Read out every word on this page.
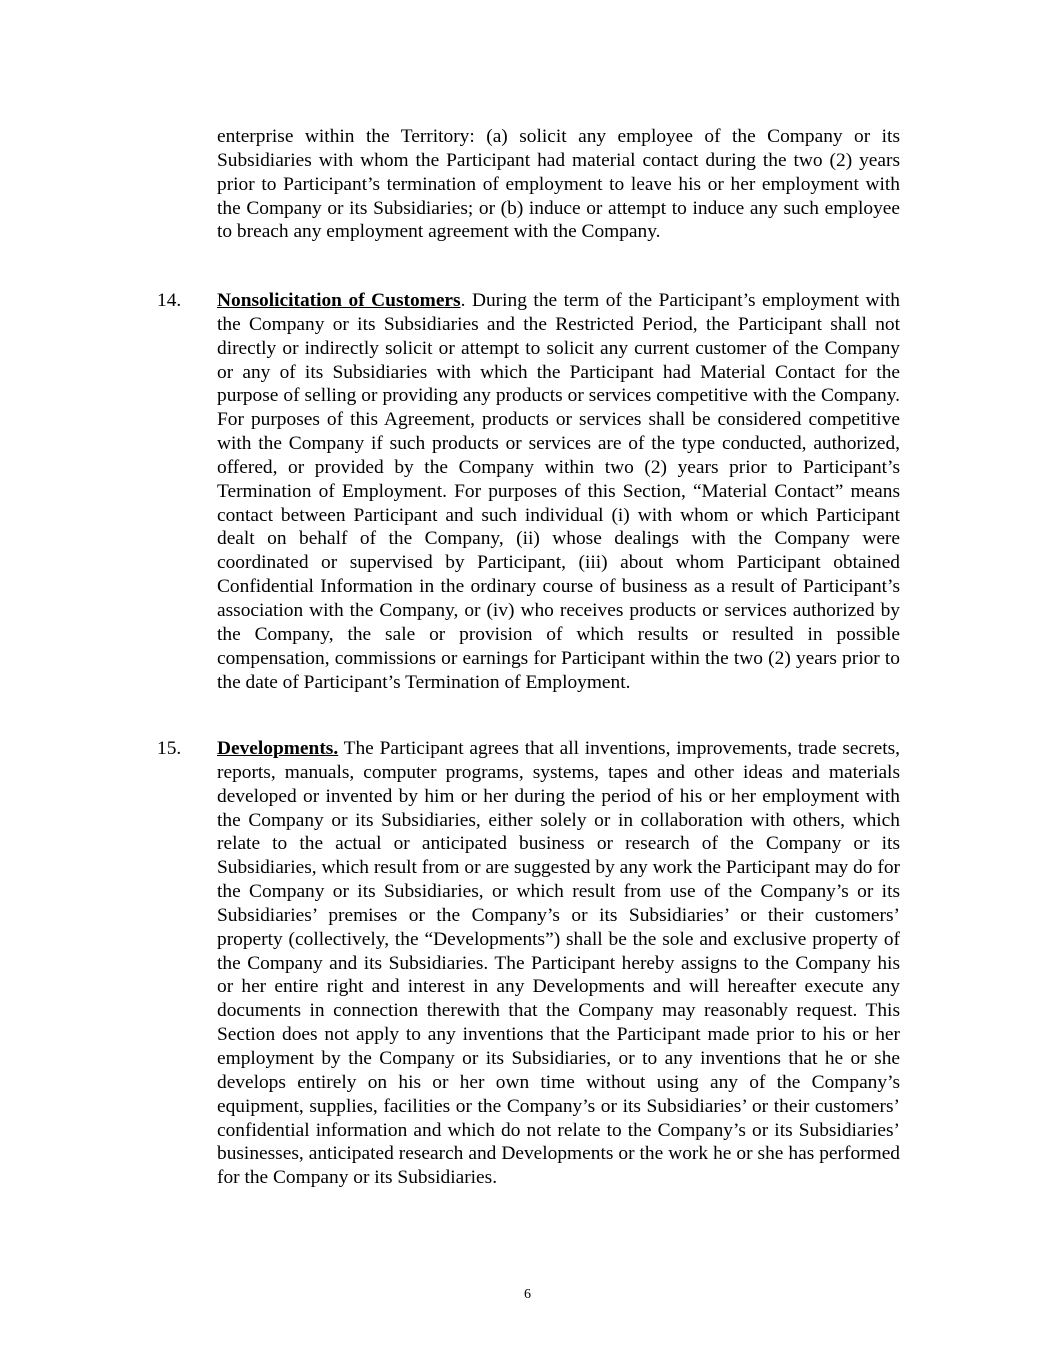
enterprise within the Territory: (a) solicit any employee of the Company or its Subsidiaries with whom the Participant had material contact during the two (2) years prior to Participant’s termination of employment to leave his or her employment with the Company or its Subsidiaries; or (b) induce or attempt to induce any such employee to breach any employment agreement with the Company.

14. Nonsolicitation of Customers. During the term of the Participant’s employment with the Company or its Subsidiaries and the Restricted Period, the Participant shall not directly or indirectly solicit or attempt to solicit any current customer of the Company or any of its Subsidiaries with which the Participant had Material Contact for the purpose of selling or providing any products or services competitive with the Company. For purposes of this Agreement, products or services shall be considered competitive with the Company if such products or services are of the type conducted, authorized, offered, or provided by the Company within two (2) years prior to Participant’s Termination of Employment. For purposes of this Section, “Material Contact” means contact between Participant and such individual (i) with whom or which Participant dealt on behalf of the Company, (ii) whose dealings with the Company were coordinated or supervised by Participant, (iii) about whom Participant obtained Confidential Information in the ordinary course of business as a result of Participant’s association with the Company, or (iv) who receives products or services authorized by the Company, the sale or provision of which results or resulted in possible compensation, commissions or earnings for Participant within the two (2) years prior to the date of Participant’s Termination of Employment.

15. Developments. The Participant agrees that all inventions, improvements, trade secrets, reports, manuals, computer programs, systems, tapes and other ideas and materials developed or invented by him or her during the period of his or her employment with the Company or its Subsidiaries, either solely or in collaboration with others, which relate to the actual or anticipated business or research of the Company or its Subsidiaries, which result from or are suggested by any work the Participant may do for the Company or its Subsidiaries, or which result from use of the Company’s or its Subsidiaries’ premises or the Company’s or its Subsidiaries’ or their customers’ property (collectively, the “Developments”) shall be the sole and exclusive property of the Company and its Subsidiaries. The Participant hereby assigns to the Company his or her entire right and interest in any Developments and will hereafter execute any documents in connection therewith that the Company may reasonably request. This Section does not apply to any inventions that the Participant made prior to his or her employment by the Company or its Subsidiaries, or to any inventions that he or she develops entirely on his or her own time without using any of the Company’s equipment, supplies, facilities or the Company’s or its Subsidiaries’ or their customers’ confidential information and which do not relate to the Company’s or its Subsidiaries’ businesses, anticipated research and Developments or the work he or she has performed for the Company or its Subsidiaries.

6
